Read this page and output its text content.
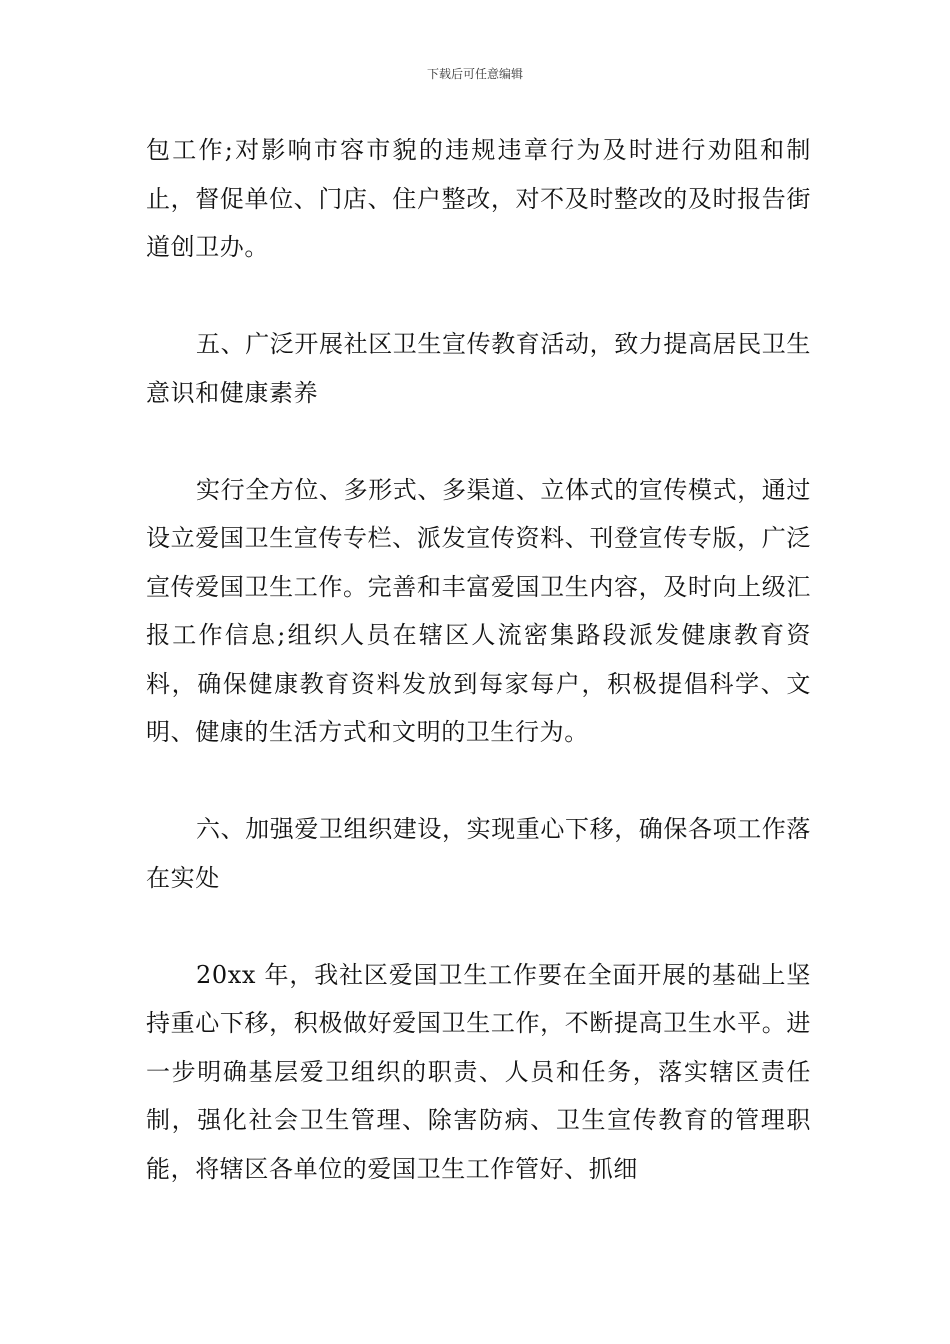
下载后可任意编辑

包工作;对影响市容市貌的违规违章行为及时进行劝阻和制止，督促单位、门店、住户整改，对不及时整改的及时报告街道创卫办。

五、广泛开展社区卫生宣传教育活动，致力提高居民卫生意识和健康素养

实行全方位、多形式、多渠道、立体式的宣传模式，通过设立爱国卫生宣传专栏、派发宣传资料、刊登宣传专版，广泛宣传爱国卫生工作。完善和丰富爱国卫生内容，及时向上级汇报工作信息;组织人员在辖区人流密集路段派发健康教育资料，确保健康教育资料发放到每家每户，积极提倡科学、文明、健康的生活方式和文明的卫生行为。

六、加强爱卫组织建设，实现重心下移，确保各项工作落在实处

20xx 年，我社区爱国卫生工作要在全面开展的基础上坚持重心下移，积极做好爱国卫生工作，不断提高卫生水平。进一步明确基层爱卫组织的职责、人员和任务，落实辖区责任制，强化社会卫生管理、除害防病、卫生宣传教育的管理职能，将辖区各单位的爱国卫生工作管好、抓细
